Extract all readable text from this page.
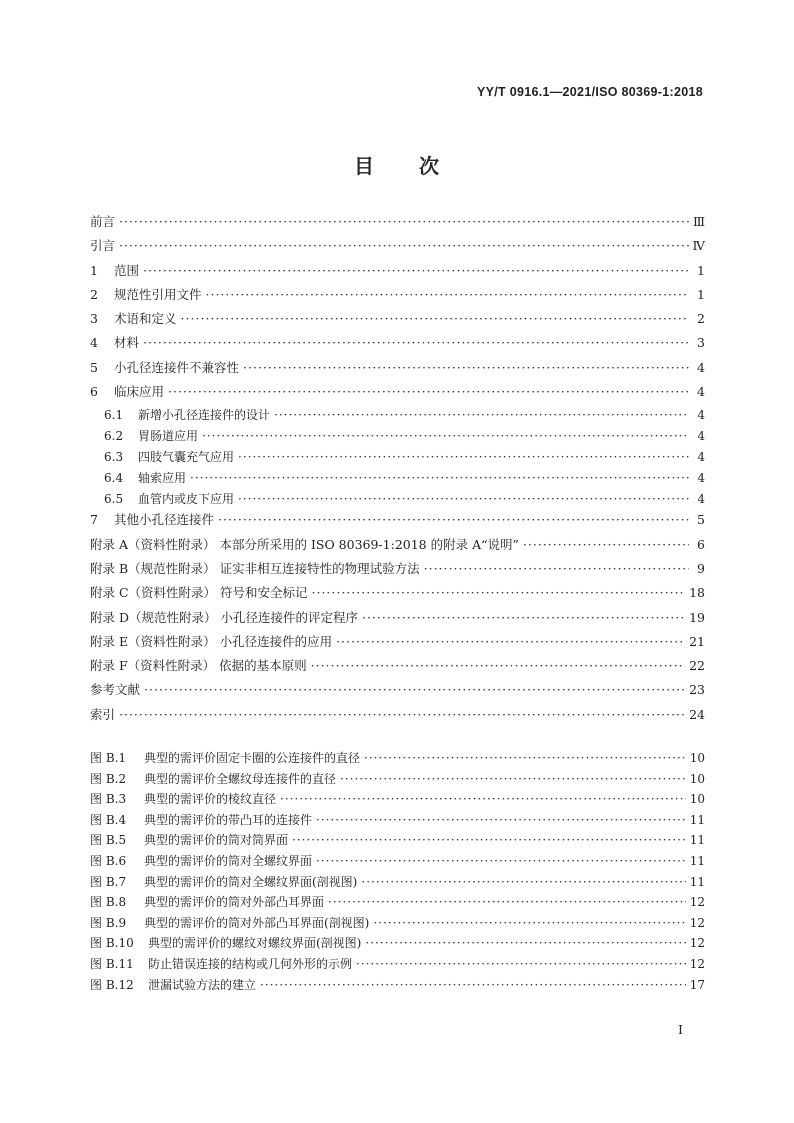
YY/T 0916.1—2021/ISO 80369-1:2018
目 次
前言 ·····	Ⅲ
引言 ·····	Ⅳ
1 范围 ·····	1
2 规范性引用文件 ·····	1
3 术语和定义 ·····	2
4 材料 ·····	3
5 小孔径连接件不兼容性 ·····	4
6 临床应用 ·····	4
6.1 新增小孔径连接件的设计 ·····	4
6.2 胃肠道应用 ·····	4
6.3 四肢气囊充气应用 ·····	4
6.4 轴索应用 ·····	4
6.5 血管内或皮下应用 ·····	4
7 其他小孔径连接件 ·····	5
附录 A（资料性附录） 本部分所采用的 ISO 80369-1:2018 的附录 A“说明” ·····	6
附录 B（规范性附录） 证实非相互连接特性的物理试验方法 ·····	9
附录 C（资料性附录） 符号和安全标记 ·····	18
附录 D（规范性附录） 小孔径连接件的评定程序 ·····	19
附录 E（资料性附录） 小孔径连接件的应用 ·····	21
附录 F（资料性附录） 依据的基本原则 ·····	22
参考文献 ·····	23
索引 ·····	24
图 B.1 典型的需评价固定卡圈的公连接件的直径 ·····	10
图 B.2 典型的需评价全螺纹母连接件的直径 ·····	10
图 B.3 典型的需评价的棱纹直径 ·····	10
图 B.4 典型的需评价的带凸耳的连接件 ·····	11
图 B.5 典型的需评价的筒对筒界面 ·····	11
图 B.6 典型的需评价的筒对全螺纹界面 ·····	11
图 B.7 典型的需评价的筒对全螺纹界面(剖视图) ·····	11
图 B.8 典型的需评价的筒对外部凸耳界面 ·····	12
图 B.9 典型的需评价的筒对外部凸耳界面(剖视图) ·····	12
图 B.10 典型的需评价的螺纹对螺纹界面(剖视图) ·····	12
图 B.11 防止错误连接的结构或几何外形的示例 ·····	12
图 B.12 泄漏试验方法的建立 ·····	17
I
